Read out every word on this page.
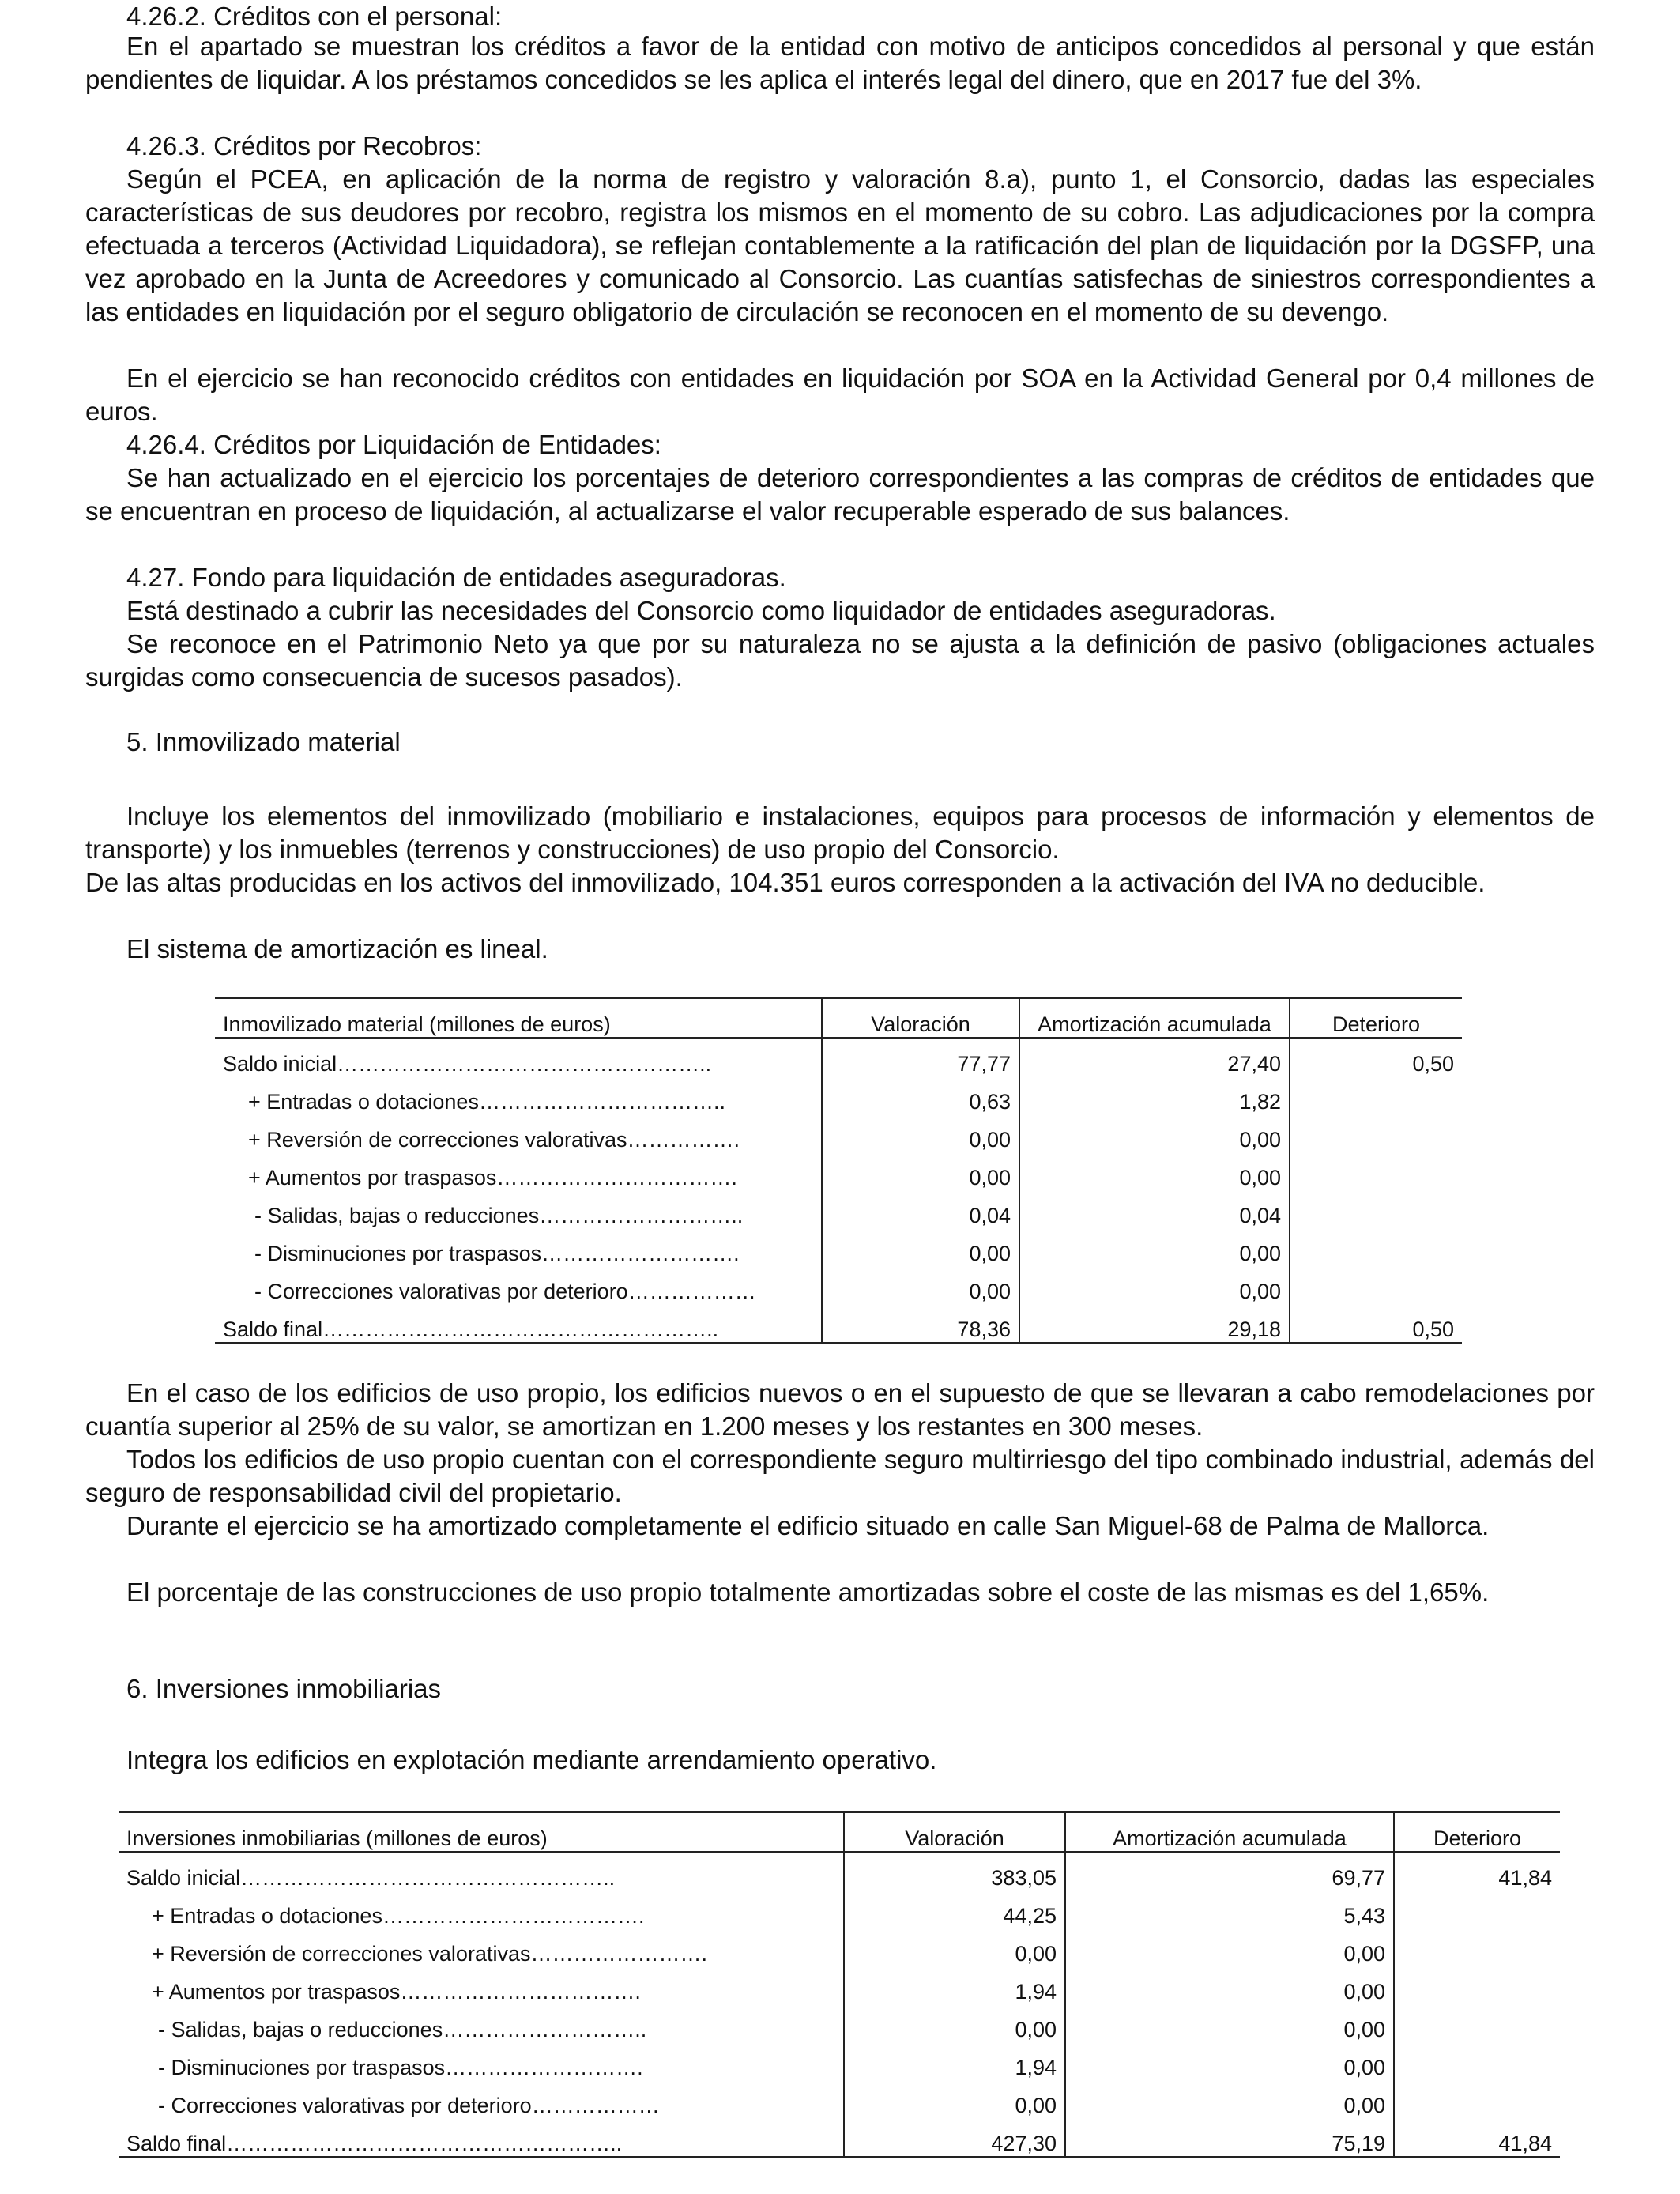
4.26.2. Créditos con el personal:

En el apartado se muestran los créditos a favor de la entidad con motivo de anticipos concedidos al personal y que están pendientes de liquidar. A los préstamos concedidos se les aplica el interés legal del dinero, que en 2017 fue del 3%.

4.26.3. Créditos por Recobros:

Según el PCEA, en aplicación de la norma de registro y valoración 8.a), punto 1, el Consorcio, dadas las especiales características de sus deudores por recobro, registra los mismos en el momento de su cobro. Las adjudicaciones por la compra efectuada a terceros (Actividad Liquidadora), se reflejan contablemente a la ratificación del plan de liquidación por la DGSFP, una vez aprobado en la Junta de Acreedores y comunicado al Consorcio. Las cuantías satisfechas de siniestros correspondientes a las entidades en liquidación por el seguro obligatorio de circulación se reconocen en el momento de su devengo.

En el ejercicio se han reconocido créditos con entidades en liquidación por SOA en la Actividad General por 0,4 millones de euros.

4.26.4. Créditos por Liquidación de Entidades:

Se han actualizado en el ejercicio los porcentajes de deterioro correspondientes a las compras de créditos de entidades que se encuentran en proceso de liquidación, al actualizarse el valor recuperable esperado de sus balances.

4.27. Fondo para liquidación de entidades aseguradoras.

Está destinado a cubrir las necesidades del Consorcio como liquidador de entidades aseguradoras.

Se reconoce en el Patrimonio Neto ya que por su naturaleza no se ajusta a la definición de pasivo (obligaciones actuales surgidas como consecuencia de sucesos pasados).

5. Inmovilizado material

Incluye los elementos del inmovilizado (mobiliario e instalaciones, equipos para procesos de información y elementos de transporte) y los inmuebles (terrenos y construcciones) de uso propio del Consorcio.

De las altas producidas en los activos del inmovilizado, 104.351 euros corresponden a la activación del IVA no deducible.

El sistema de amortización es lineal.

Inmovilizado material (millones de euros)	Valoración	Amortización acumulada	Deterioro
Saldo inicial……………………………………………..	77,77	27,40	0,50
+ Entradas o dotaciones……………………………..	0,63	1,82	
+ Reversión de correcciones valorativas…………….	0,00	0,00	
+ Aumentos por traspasos…………………………….	0,00	0,00	
- Salidas, bajas o reducciones………………………..	0,04	0,04	
- Disminuciones por traspasos……………………….	0,00	0,00	
- Correcciones valorativas por deterioro………………	0,00	0,00	
Saldo final………………………………………………..	78,36	29,18	0,50

En el caso de los edificios de uso propio, los edificios nuevos o en el supuesto de que se llevaran a cabo remodelaciones por cuantía superior al 25% de su valor, se amortizan en 1.200 meses y los restantes en 300 meses.

Todos los edificios de uso propio cuentan con el correspondiente seguro multirriesgo del tipo combinado industrial, además del seguro de responsabilidad civil del propietario.

Durante el ejercicio se ha amortizado completamente el edificio situado en calle San Miguel-68 de Palma de Mallorca.

El porcentaje de las construcciones de uso propio totalmente amortizadas sobre el coste de las mismas es del 1,65%.

6. Inversiones inmobiliarias

Integra los edificios en explotación mediante arrendamiento operativo.

Inversiones inmobiliarias (millones de euros)	Valoración	Amortización acumulada	Deterioro
Saldo inicial……………………………………………..	383,05	69,77	41,84
+ Entradas o dotaciones……………………………….	44,25	5,43	
+ Reversión de correcciones valorativas…………………….	0,00	0,00	
+ Aumentos por traspasos…………………………….	1,94	0,00	
- Salidas, bajas o reducciones………………………..	0,00	0,00	
- Disminuciones por traspasos……………………….	1,94	0,00	
- Correcciones valorativas por deterioro………………	0,00	0,00	
Saldo final………………………………………………..	427,30	75,19	41,84
